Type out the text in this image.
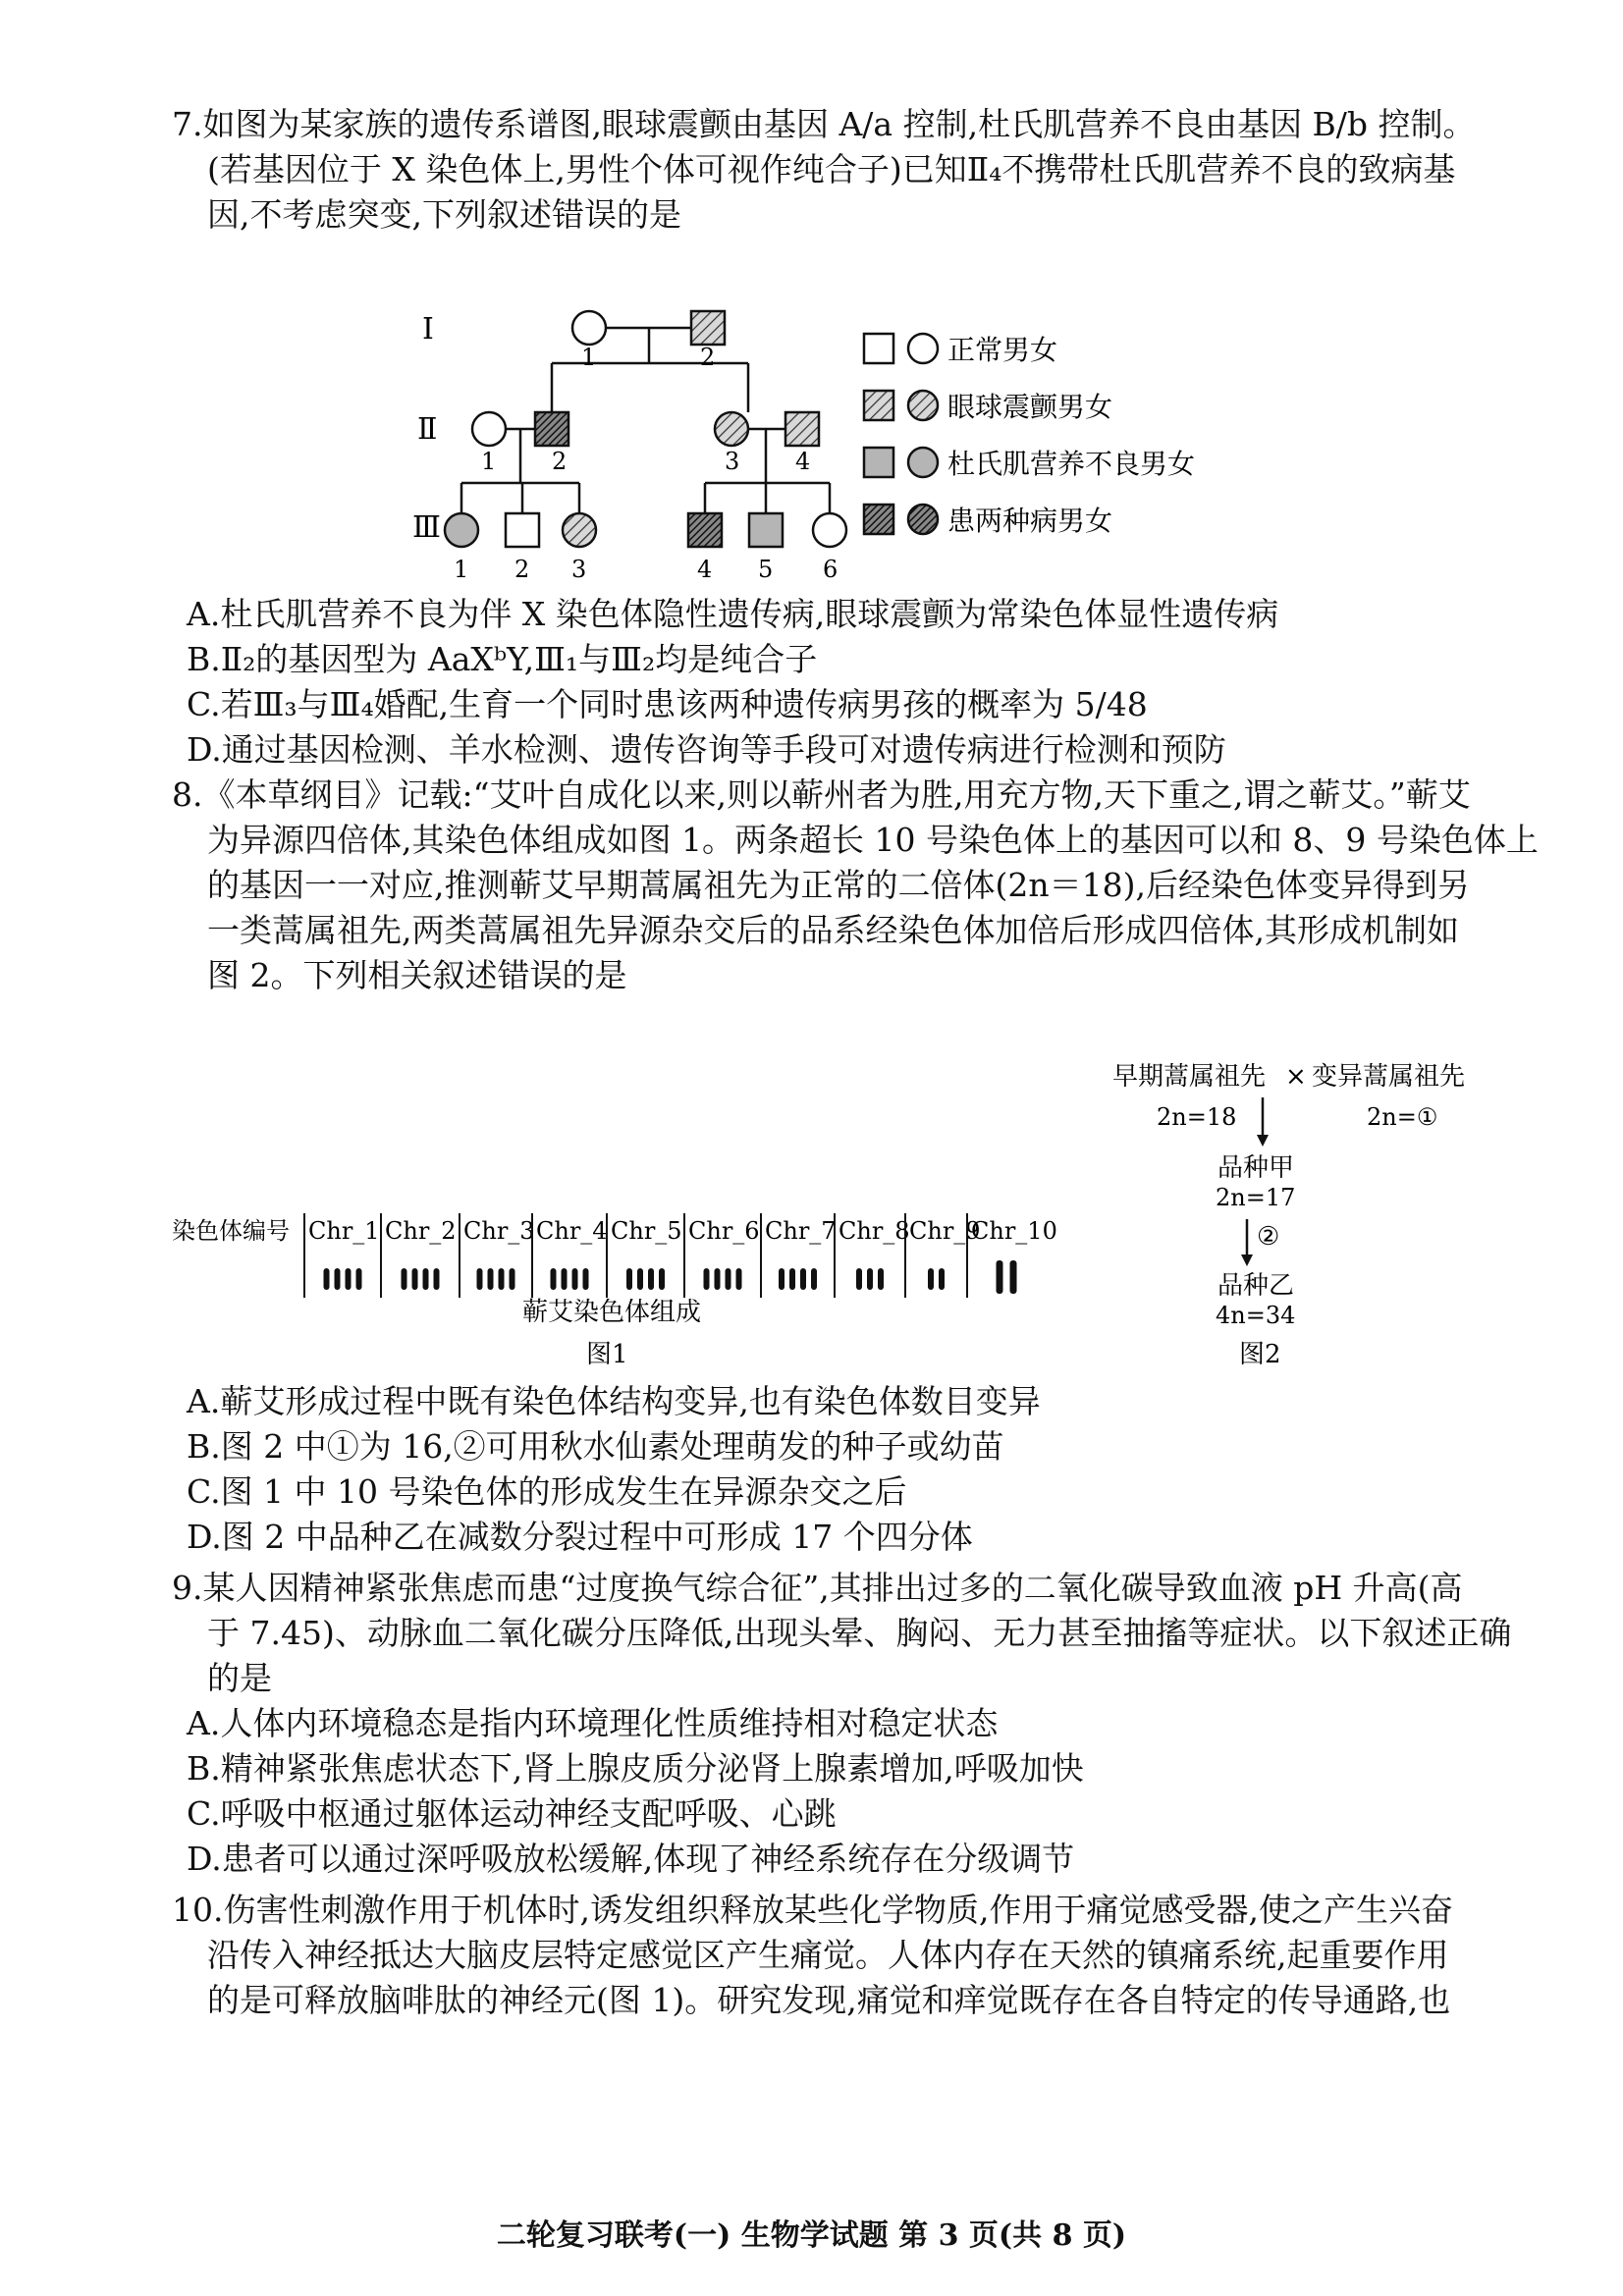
7.如图为某家族的遗传系谱图,眼球震颤由基因 A/a 控制,杜氏肌营养不良由基因 B/b 控制。

(若基因位于 X 染色体上,男性个体可视作纯合子)已知Ⅱ₄不携带杜氏肌营养不良的致病基

因,不考虑突变,下列叙述错误的是

Ⅰ
Ⅱ
Ⅲ
1	2
1 2	3 4
1 2 3	4 5 6
正常男女
眼球震颤男女
杜氏肌营养不良男女
患两种病男女

A.杜氏肌营养不良为伴 X 染色体隐性遗传病,眼球震颤为常染色体显性遗传病

B.Ⅱ₂的基因型为 AaXᵇY,Ⅲ₁与Ⅲ₂均是纯合子

C.若Ⅲ₃与Ⅲ₄婚配,生育一个同时患该两种遗传病男孩的概率为 5/48

D.通过基因检测、羊水检测、遗传咨询等手段可对遗传病进行检测和预防

8.《本草纲目》记载:“艾叶自成化以来,则以蕲州者为胜,用充方物,天下重之,谓之蕲艾。”蕲艾

为异源四倍体,其染色体组成如图 1。两条超长 10 号染色体上的基因可以和 8、9 号染色体上

的基因一一对应,推测蕲艾早期蒿属祖先为正常的二倍体(2n＝18),后经染色体变异得到另

一类蒿属祖先,两类蒿属祖先异源杂交后的品系经染色体加倍后形成四倍体,其形成机制如

图 2。下列相关叙述错误的是

染色体编号 Chr_1 Chr_2 Chr_3 Chr_4 Chr_5 Chr_6 Chr_7 Chr_8 Chr_9
Chr_10
蕲艾染色体组成
图1
早期蒿属祖先 × 变异蒿属祖先
2n=18	2n=①
品种甲
2n=17
②
品种乙
4n=34
图2

A.蕲艾形成过程中既有染色体结构变异,也有染色体数目变异

B.图 2 中①为 16,②可用秋水仙素处理萌发的种子或幼苗

C.图 1 中 10 号染色体的形成发生在异源杂交之后

D.图 2 中品种乙在减数分裂过程中可形成 17 个四分体

9.某人因精神紧张焦虑而患“过度换气综合征”,其排出过多的二氧化碳导致血液 pH 升高(高

于 7.45)、动脉血二氧化碳分压降低,出现头晕、胸闷、无力甚至抽搐等症状。以下叙述正确

的是

A.人体内环境稳态是指内环境理化性质维持相对稳定状态

B.精神紧张焦虑状态下,肾上腺皮质分泌肾上腺素增加,呼吸加快

C.呼吸中枢通过躯体运动神经支配呼吸、心跳

D.患者可以通过深呼吸放松缓解,体现了神经系统存在分级调节

10.伤害性刺激作用于机体时,诱发组织释放某些化学物质,作用于痛觉感受器,使之产生兴奋

沿传入神经抵达大脑皮层特定感觉区产生痛觉。人体内存在天然的镇痛系统,起重要作用

的是可释放脑啡肽的神经元(图 1)。研究发现,痛觉和痒觉既存在各自特定的传导通路,也

二轮复习联考(一) 生物学试题 第 3 页(共 8 页)
